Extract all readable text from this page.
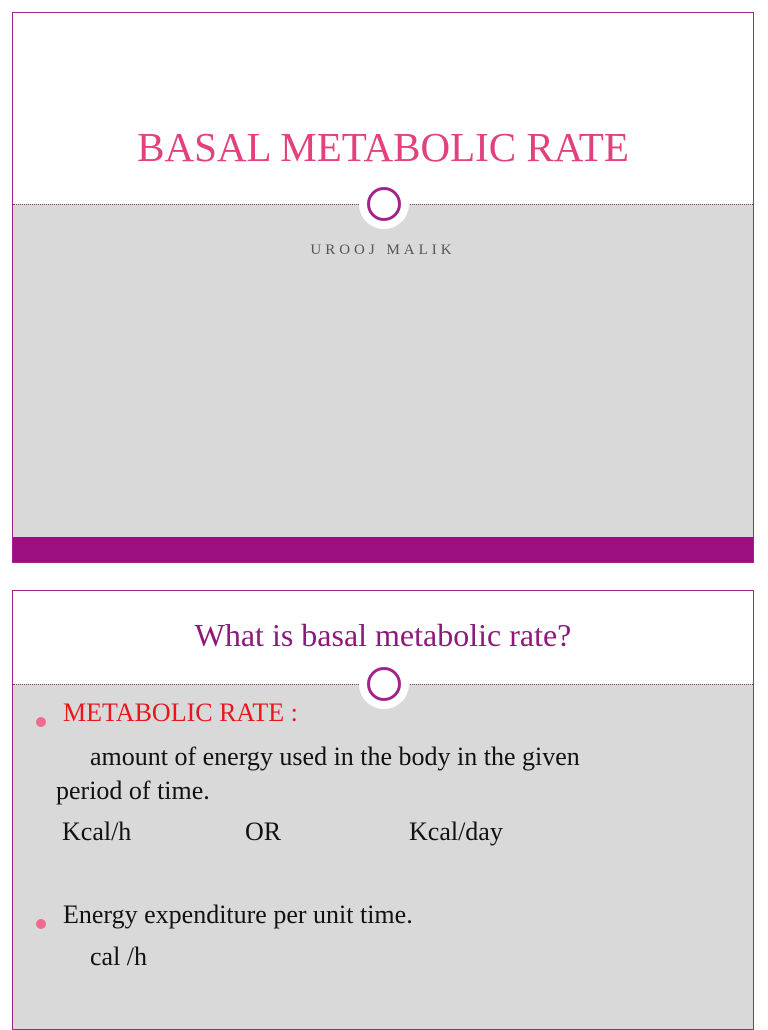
BASAL METABOLIC RATE
UROOJ MALIK
What is basal metabolic rate?
METABOLIC RATE :
amount of energy used in the body in the given
period of time.
Kcal/h	OR	Kcal/day
Energy expenditure per unit time.
cal /h
